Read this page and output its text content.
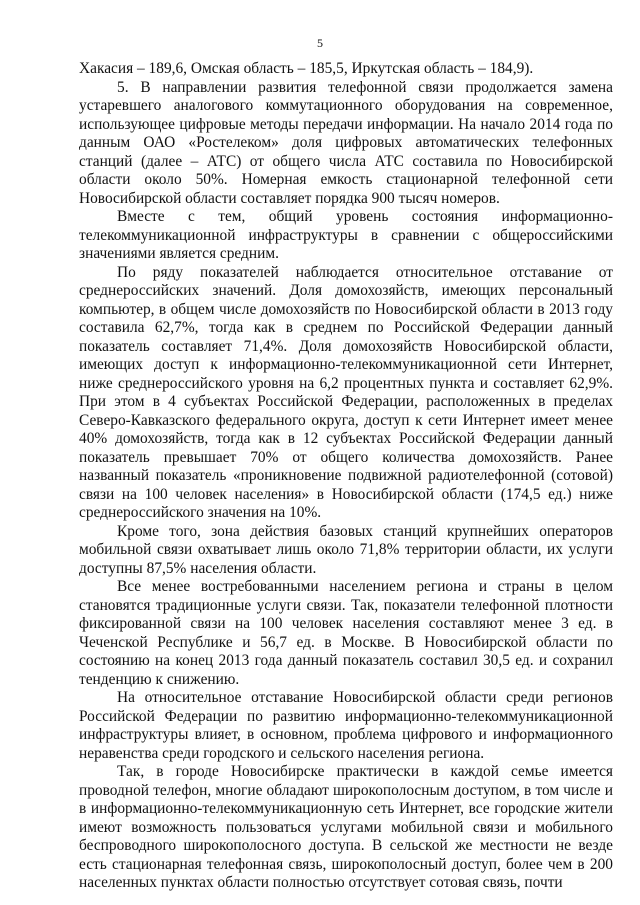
5

Хакасия – 189,6, Омская область – 185,5, Иркутская область – 184,9).

5. В направлении развития телефонной связи продолжается замена устаревшего аналогового коммутационного оборудования на современное, использующее цифровые методы передачи информации. На начало 2014 года по данным ОАО «Ростелеком» доля цифровых автоматических телефонных станций (далее – АТС) от общего числа АТС составила по Новосибирской области около 50%. Номерная емкость стационарной телефонной сети Новосибирской области составляет порядка 900 тысяч номеров.

Вместе с тем, общий уровень состояния информационно-телекоммуникационной инфраструктуры в сравнении с общероссийскими значениями является средним.

По ряду показателей наблюдается относительное отставание от среднероссийских значений. Доля домохозяйств, имеющих персональный компьютер, в общем числе домохозяйств по Новосибирской области в 2013 году составила 62,7%, тогда как в среднем по Российской Федерации данный показатель составляет 71,4%. Доля домохозяйств Новосибирской области, имеющих доступ к информационно-телекоммуникационной сети Интернет, ниже среднероссийского уровня на 6,2 процентных пункта и составляет 62,9%. При этом в 4 субъектах Российской Федерации, расположенных в пределах Северо-Кавказского федерального округа, доступ к сети Интернет имеет менее 40% домохозяйств, тогда как в 12 субъектах Российской Федерации данный показатель превышает 70% от общего количества домохозяйств. Ранее названный показатель «проникновение подвижной радиотелефонной (сотовой) связи на 100 человек населения» в Новосибирской области (174,5 ед.) ниже среднероссийского значения на 10%.

Кроме того, зона действия базовых станций крупнейших операторов мобильной связи охватывает лишь около 71,8% территории области, их услуги доступны 87,5% населения области.

Все менее востребованными населением региона и страны в целом становятся традиционные услуги связи. Так, показатели телефонной плотности фиксированной связи на 100 человек населения составляют менее 3 ед. в Чеченской Республике и 56,7 ед. в Москве. В Новосибирской области по состоянию на конец 2013 года данный показатель составил 30,5 ед. и сохранил тенденцию к снижению.

На относительное отставание Новосибирской области среди регионов Российской Федерации по развитию информационно-телекоммуникационной инфраструктуры влияет, в основном, проблема цифрового и информационного неравенства среди городского и сельского населения региона.

Так, в городе Новосибирске практически в каждой семье имеется проводной телефон, многие обладают широкополосным доступом, в том числе и в информационно-телекоммуникационную сеть Интернет, все городские жители имеют возможность пользоваться услугами мобильной связи и мобильного беспроводного широкополосного доступа. В сельской же местности не везде есть стационарная телефонная связь, широкополосный доступ, более чем в 200 населенных пунктах области полностью отсутствует сотовая связь, почти
